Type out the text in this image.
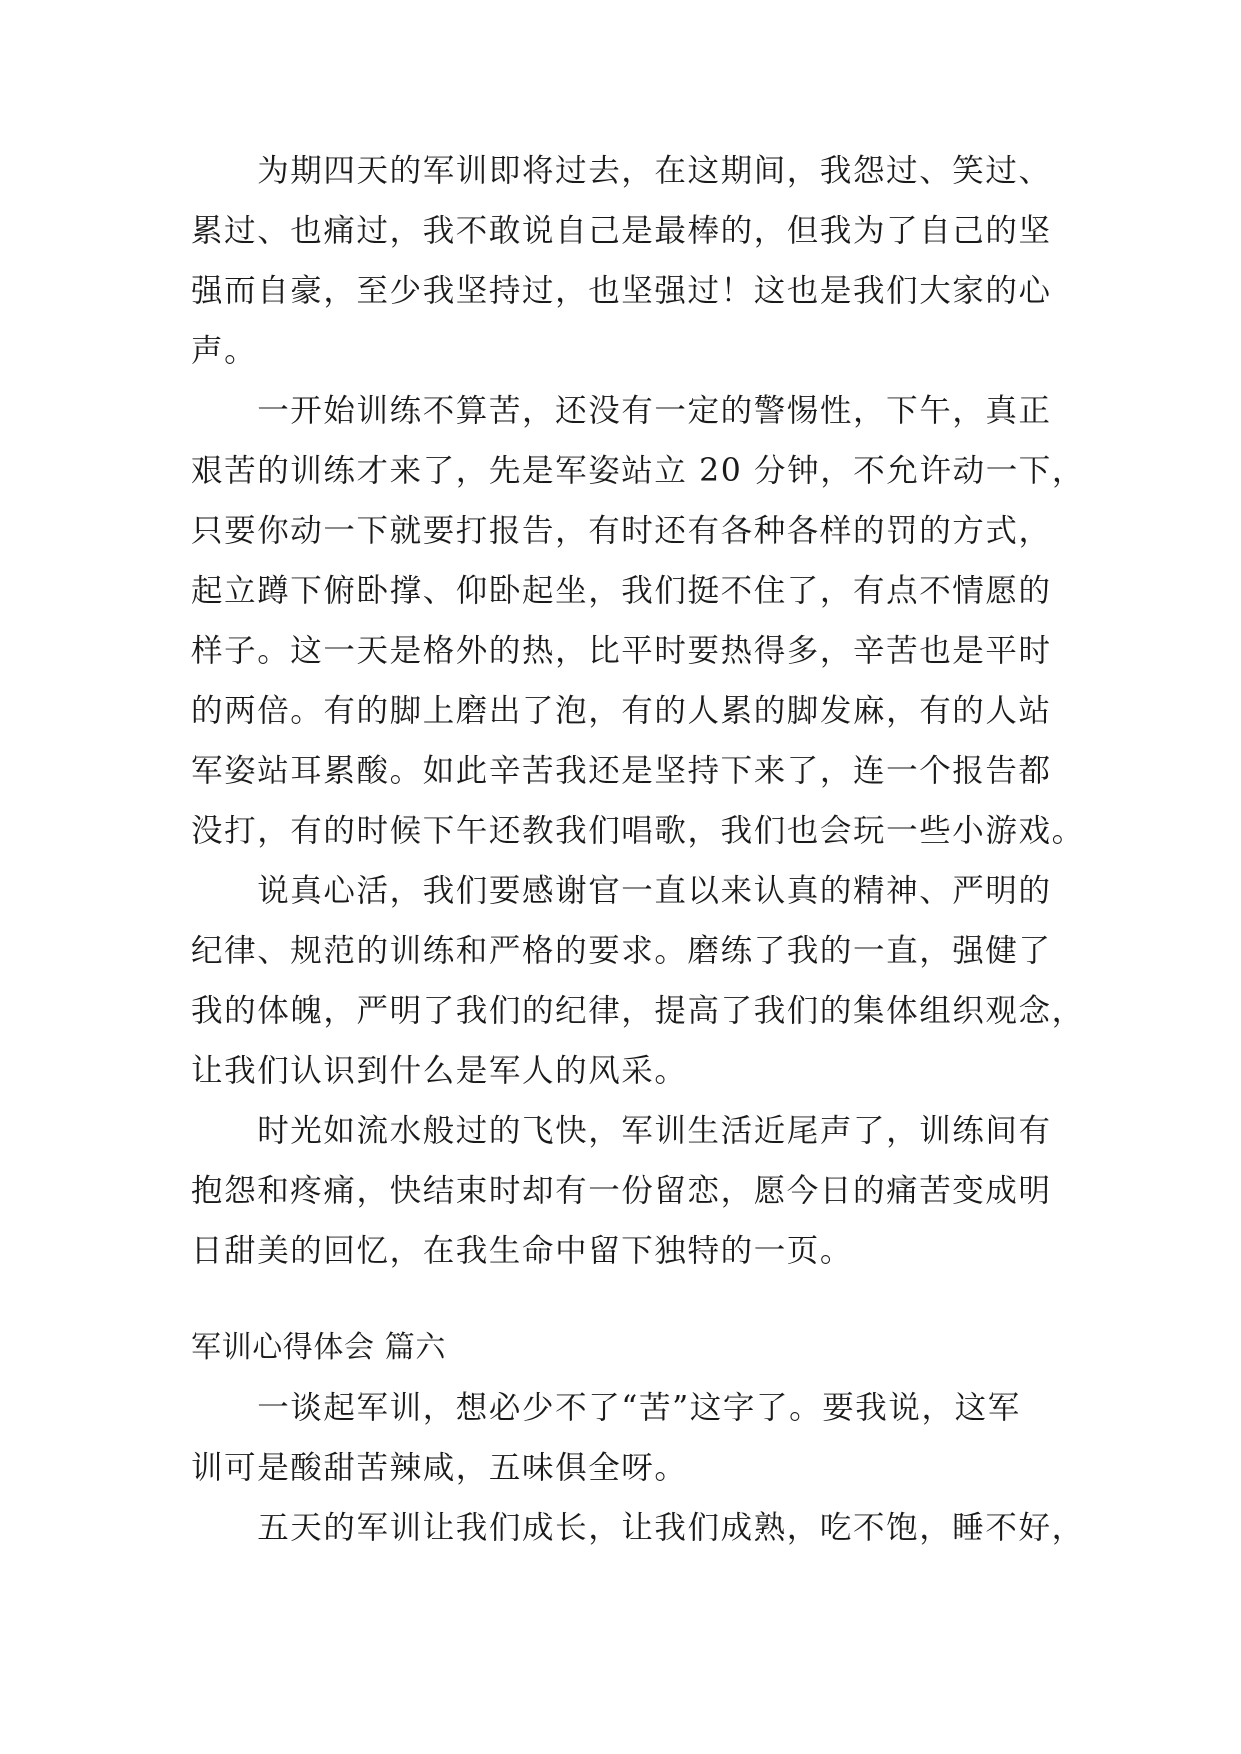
　　为期四天的军训即将过去，在这期间，我怨过、笑过、
累过、也痛过，我不敢说自己是最棒的，但我为了自己的坚
强而自豪，至少我坚持过，也坚强过！这也是我们大家的心
声。
　　一开始训练不算苦，还没有一定的警惕性，下午，真正
艰苦的训练才来了，先是军姿站立 20 分钟，不允许动一下，
只要你动一下就要打报告，有时还有各种各样的罚的方式，
起立蹲下俯卧撑、仰卧起坐，我们挺不住了，有点不情愿的
样子。这一天是格外的热，比平时要热得多，辛苦也是平时
的两倍。有的脚上磨出了泡，有的人累的脚发麻，有的人站
军姿站耳累酸。如此辛苦我还是坚持下来了，连一个报告都
没打，有的时候下午还教我们唱歌，我们也会玩一些小游戏。
　　说真心活，我们要感谢官一直以来认真的精神、严明的
纪律、规范的训练和严格的要求。磨练了我的一直，强健了
我的体魄，严明了我们的纪律，提高了我们的集体组织观念，
让我们认识到什么是军人的风采。
　　时光如流水般过的飞快，军训生活近尾声了，训练间有
抱怨和疼痛，快结束时却有一份留恋，愿今日的痛苦变成明
日甜美的回忆，在我生命中留下独特的一页。
军训心得体会 篇六
　　一谈起军训，想必少不了“苦”这字了。要我说，这军
训可是酸甜苦辣咸，五味俱全呀。
　　五天的军训让我们成长，让我们成熟，吃不饱，睡不好，
